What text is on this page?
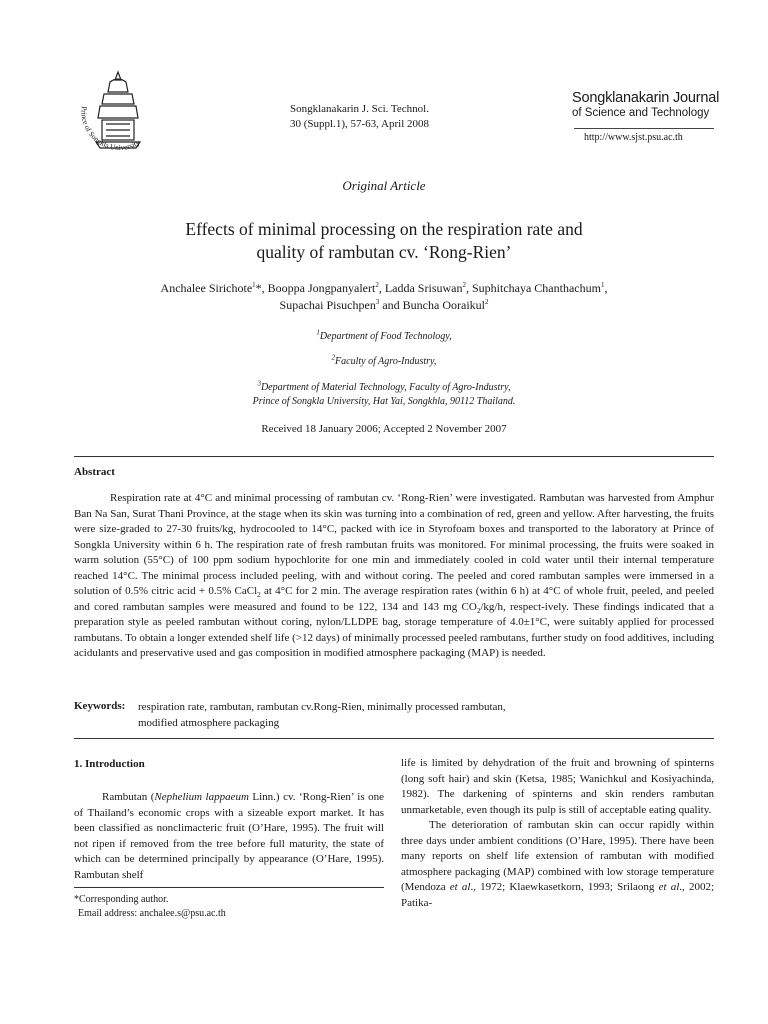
Prince of Songkla University
Songklanakarin J. Sci. Technol.
30 (Suppl.1), 57-63, April 2008
Songklanakarin Journal
of Science and Technology
http://www.sjst.psu.ac.th
Original Article
Effects of minimal processing on the respiration rate and
quality of rambutan cv. ‘Rong-Rien’
Anchalee Sirichote$^1$*, Booppa Jongpanyalert$^2$, Ladda Srisuwan$^2$, Suphitchaya Chanthachum$^1$,
Supachai Pisuchpen$^3$ and Buncha Ooraikul$^2$
$^1$Department of Food Technology,
$^2$Faculty of Agro-Industry,
$^3$Department of Material Technology, Faculty of Agro-Industry,
Prince of Songkla University, Hat Yai, Songkhla, 90112 Thailand.
Received 18 January 2006; Accepted 2 November 2007
Abstract

Respiration rate at 4°C and minimal processing of rambutan cv. ‘Rong-Rien’ were investigated. Rambutan was harvested from Amphur Ban Na San, Surat Thani Province, at the stage when its skin was turning into a combination of red, green and yellow. After harvesting, the fruits were size-graded to 27-30 fruits/kg, hydrocooled to 14°C, packed with ice in Styrofoam boxes and transported to the laboratory at Prince of Songkla University within 6 h. The respiration rate of fresh rambutan fruits was monitored. For minimal processing, the fruits were soaked in warm solution (55°C) of 100 ppm sodium hypochlorite for one min and immediately cooled in cold water until their internal temperature reached 14°C. The minimal process included peeling, with and without coring. The peeled and cored rambutan samples were immersed in a solution of 0.5% citric acid + 0.5% CaCl$_2$ at 4°C for 2 min. The average respiration rates (within 6 h) at 4°C of whole fruit, peeled, and peeled and cored rambutan samples were measured and found to be 122, 134 and 143 mg $CO_2/kg/h$, respect-ively. These findings indicated that a preparation style as peeled rambutan without coring, nylon/LLDPE bag, storage temperature of 4.0±1°C, were suitably applied for processed rambutans. To obtain a longer extended shelf life (>12 days) of minimally processed peeled rambutans, further study on food additives, including acidulants and preservative used and gas composition in modified atmosphere packaging (MAP) is needed.

Keywords: respiration rate, rambutan, rambutan cv.Rong-Rien, minimally processed rambutan,
modified atmosphere packaging
1. Introduction

Rambutan (Nephelium lappaeum Linn.) cv. ‘Rong-Rien’ is one of Thailand’s economic crops with a sizeable export market. It has been classified as nonclimacteric fruit (O’Hare, 1995). The fruit will not ripen if removed from the tree before full maturity, the state of which can be determined principally by appearance (O’Hare, 1995). Rambutan shelf

*Corresponding author.
Email address: anchalee.s@psu.ac.th

life is limited by dehydration of the fruit and browning of spinterns (long soft hair) and skin (Ketsa, 1985; Wanichkul and Kosiyachinda, 1982). The darkening of spinterns and skin renders rambutan unmarketable, even though its pulp is still of acceptable eating quality.

The deterioration of rambutan skin can occur rapidly within three days under ambient conditions (O’Hare, 1995). There have been many reports on shelf life extension of rambutan with modified atmosphere packaging (MAP) combined with low storage temperature (Mendoza et al., 1972; Klaewkasetkorn, 1993; Srilaong et al., 2002; Patika-
